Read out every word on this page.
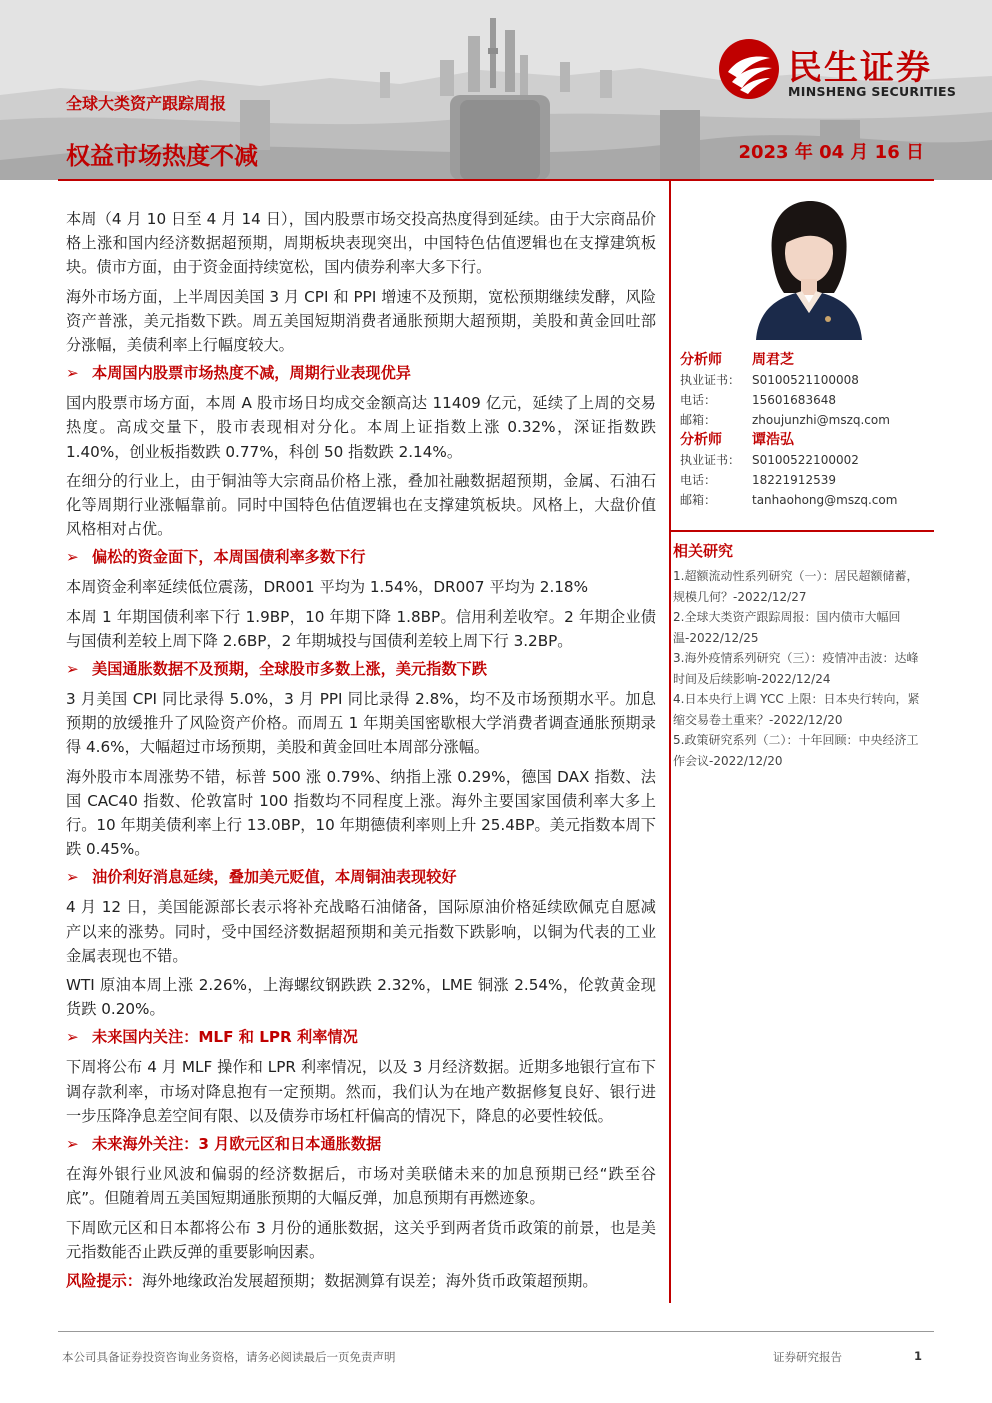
民生证券
MINSHENG SECURITIES
全球大类资产跟踪周报
权益市场热度不减	2023 年 04 月 16 日

本周（4 月 10 日至 4 月 14 日），国内股票市场交投高热度得到延续。由于大宗商品价格上涨和国内经济数据超预期，周期板块表现突出，中国特色估值逻辑也在支撑建筑板块。债市方面，由于资金面持续宽松，国内债券利率大多下行。

海外市场方面，上半周因美国 3 月 CPI 和 PPI 增速不及预期，宽松预期继续发酵，风险资产普涨，美元指数下跌。周五美国短期消费者通胀预期大超预期，美股和黄金回吐部分涨幅，美债利率上行幅度较大。

➢ 本周国内股票市场热度不减，周期行业表现优异

国内股票市场方面，本周 A 股市场日均成交金额高达 11409 亿元，延续了上周的交易热度。高成交量下，股市表现相对分化。本周上证指数上涨 0.32%，深证指数跌 1.40%，创业板指数跌 0.77%，科创 50 指数跌 2.14%。

在细分的行业上，由于铜油等大宗商品价格上涨，叠加社融数据超预期，金属、石油石化等周期行业涨幅靠前。同时中国特色估值逻辑也在支撑建筑板块。风格上，大盘价值风格相对占优。

➢ 偏松的资金面下，本周国债利率多数下行

本周资金利率延续低位震荡，DR001 平均为 1.54%，DR007 平均为 2.18%

本周 1 年期国债利率下行 1.9BP，10 年期下降 1.8BP。信用利差收窄。2 年期企业债与国债利差较上周下降 2.6BP，2 年期城投与国债利差较上周下行 3.2BP。

➢ 美国通胀数据不及预期，全球股市多数上涨，美元指数下跌

3 月美国 CPI 同比录得 5.0%，3 月 PPI 同比录得 2.8%，均不及市场预期水平。加息预期的放缓推升了风险资产价格。而周五 1 年期美国密歇根大学消费者调查通胀预期录得 4.6%，大幅超过市场预期，美股和黄金回吐本周部分涨幅。

海外股市本周涨势不错，标普 500 涨 0.79%、纳指上涨 0.29%，德国 DAX 指数、法国 CAC40 指数、伦敦富时 100 指数均不同程度上涨。海外主要国家国债利率大多上行。10 年期美债利率上行 13.0BP，10 年期德债利率则上升 25.4BP。美元指数本周下跌 0.45%。

➢ 油价利好消息延续，叠加美元贬值，本周铜油表现较好

4 月 12 日，美国能源部长表示将补充战略石油储备，国际原油价格延续欧佩克自愿减产以来的涨势。同时，受中国经济数据超预期和美元指数下跌影响，以铜为代表的工业金属表现也不错。

WTI 原油本周上涨 2.26%，上海螺纹钢跌跌 2.32%，LME 铜涨 2.54%，伦敦黄金现货跌 0.20%。

➢ 未来国内关注：MLF 和 LPR 利率情况

下周将公布 4 月 MLF 操作和 LPR 利率情况，以及 3 月经济数据。近期多地银行宣布下调存款利率，市场对降息抱有一定预期。然而，我们认为在地产数据修复良好、银行进一步压降净息差空间有限、以及债券市场杠杆偏高的情况下，降息的必要性较低。

➢ 未来海外关注：3 月欧元区和日本通胀数据

在海外银行业风波和偏弱的经济数据后，市场对美联储未来的加息预期已经“跌至谷底”。但随着周五美国短期通胀预期的大幅反弹，加息预期有再燃迹象。

下周欧元区和日本都将公布 3 月份的通胀数据，这关乎到两者货币政策的前景，也是美元指数能否止跌反弹的重要影响因素。

风险提示：海外地缘政治发展超预期；数据测算有误差；海外货币政策超预期。

分析师	周君芝
执业证书： S0100521100008
电话：	15601683648
邮箱：	zhoujunzhi@mszq.com
分析师	谭浩弘
执业证书： S0100522100002
电话：	18221912539
邮箱：	tanhaohong@mszq.com
相关研究
1.超额流动性系列研究（一）：居民超额储蓄，规模几何？-2022/12/27
2.全球大类资产跟踪周报：国内债市大幅回温-2022/12/25
3.海外疫情系列研究（三）：疫情冲击波：达峰时间及后续影响-2022/12/24
4.日本央行上调 YCC 上限：日本央行转向，紧缩交易卷土重来？-2022/12/20
5.政策研究系列（二）：十年回顾：中央经济工作会议-2022/12/20
本公司具备证券投资咨询业务资格，请务必阅读最后一页免责声明	证券研究报告	1
